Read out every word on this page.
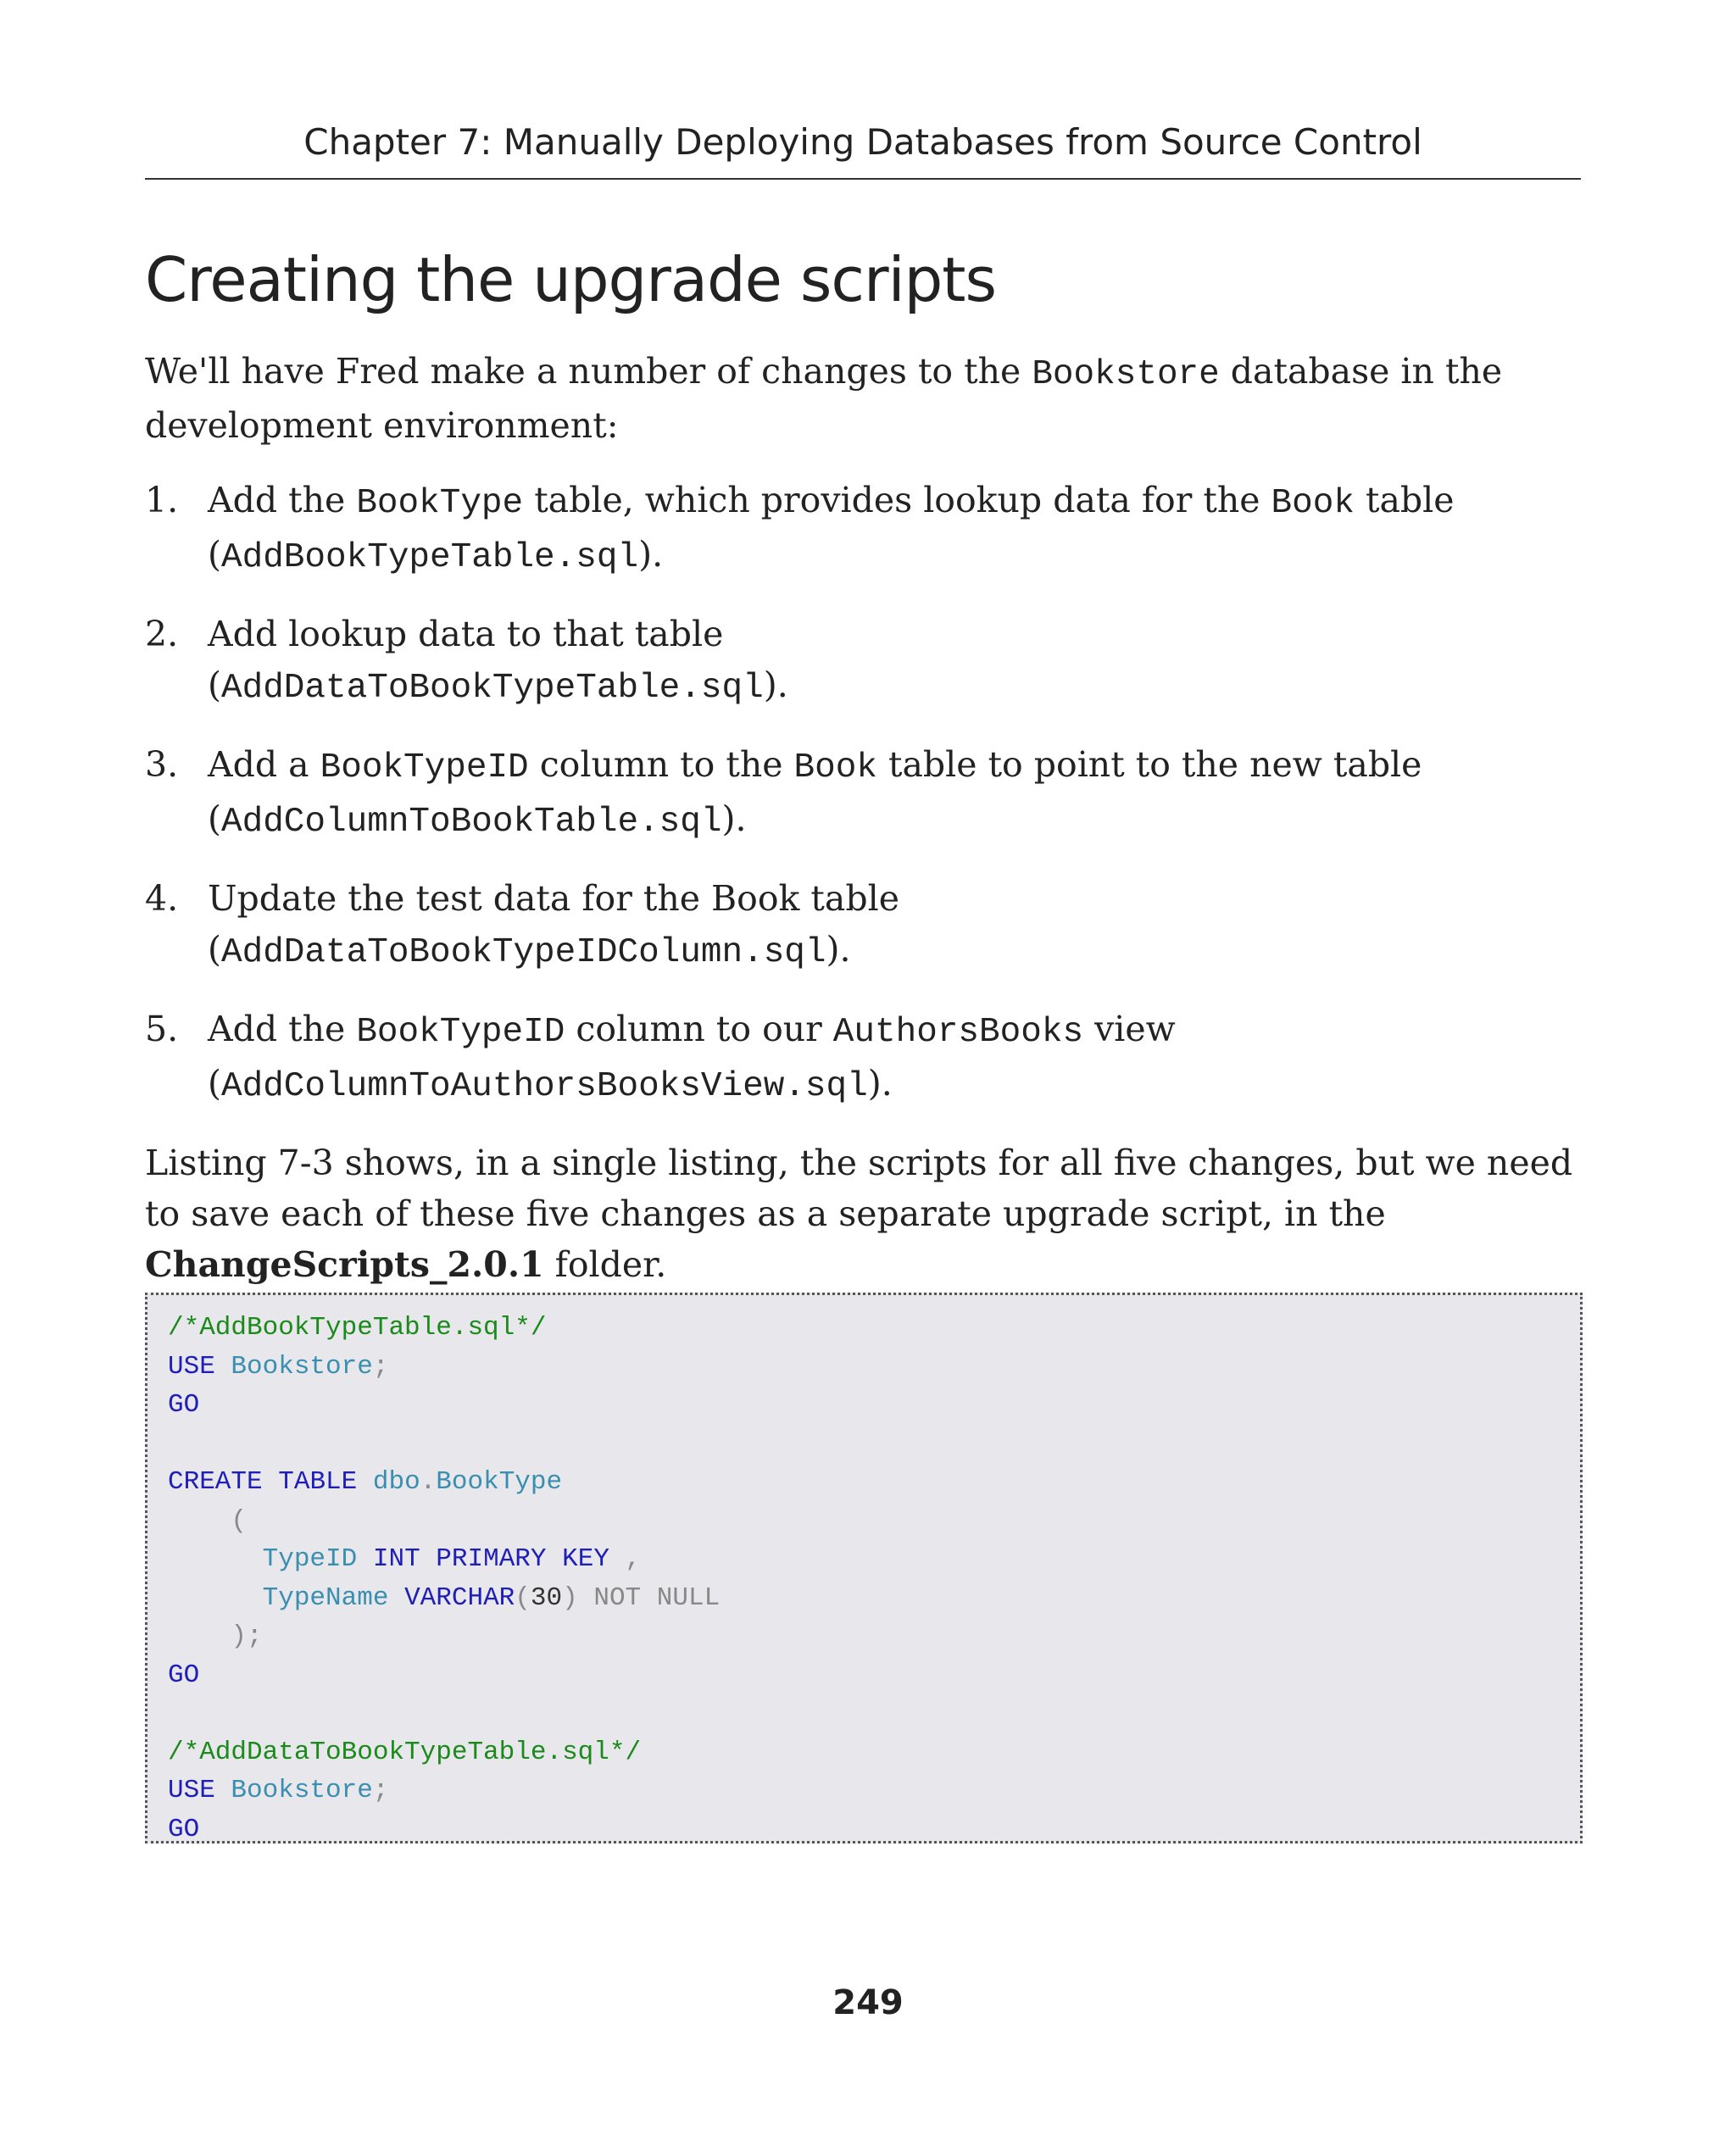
Chapter 7: Manually Deploying Databases from Source Control
Creating the upgrade scripts

We'll have Fred make a number of changes to the Bookstore database in the development environment:

1. Add the BookType table, which provides lookup data for the Book table (AddBookTypeTable.sql).
2. Add lookup data to that table
(AddDataToBookTypeTable.sql).
3. Add a BookTypeID column to the Book table to point to the new table (AddColumnToBookTable.sql).
4. Update the test data for the Book table
(AddDataToBookTypeIDColumn.sql).
5. Add the BookTypeID column to our AuthorsBooks view
(AddColumnToAuthorsBooksView.sql).

Listing 7-3 shows, in a single listing, the scripts for all five changes, but we need to save each of these five changes as a separate upgrade script, in the ChangeScripts_2.0.1 folder.

/*AddBookTypeTable.sql*/
USE Bookstore;
GO
CREATE TABLE dbo.BookType
(
TypeID INT PRIMARY KEY ,
TypeName VARCHAR(30) NOT NULL
);
GO
/*AddDataToBookTypeTable.sql*/
USE Bookstore;
GO
249
